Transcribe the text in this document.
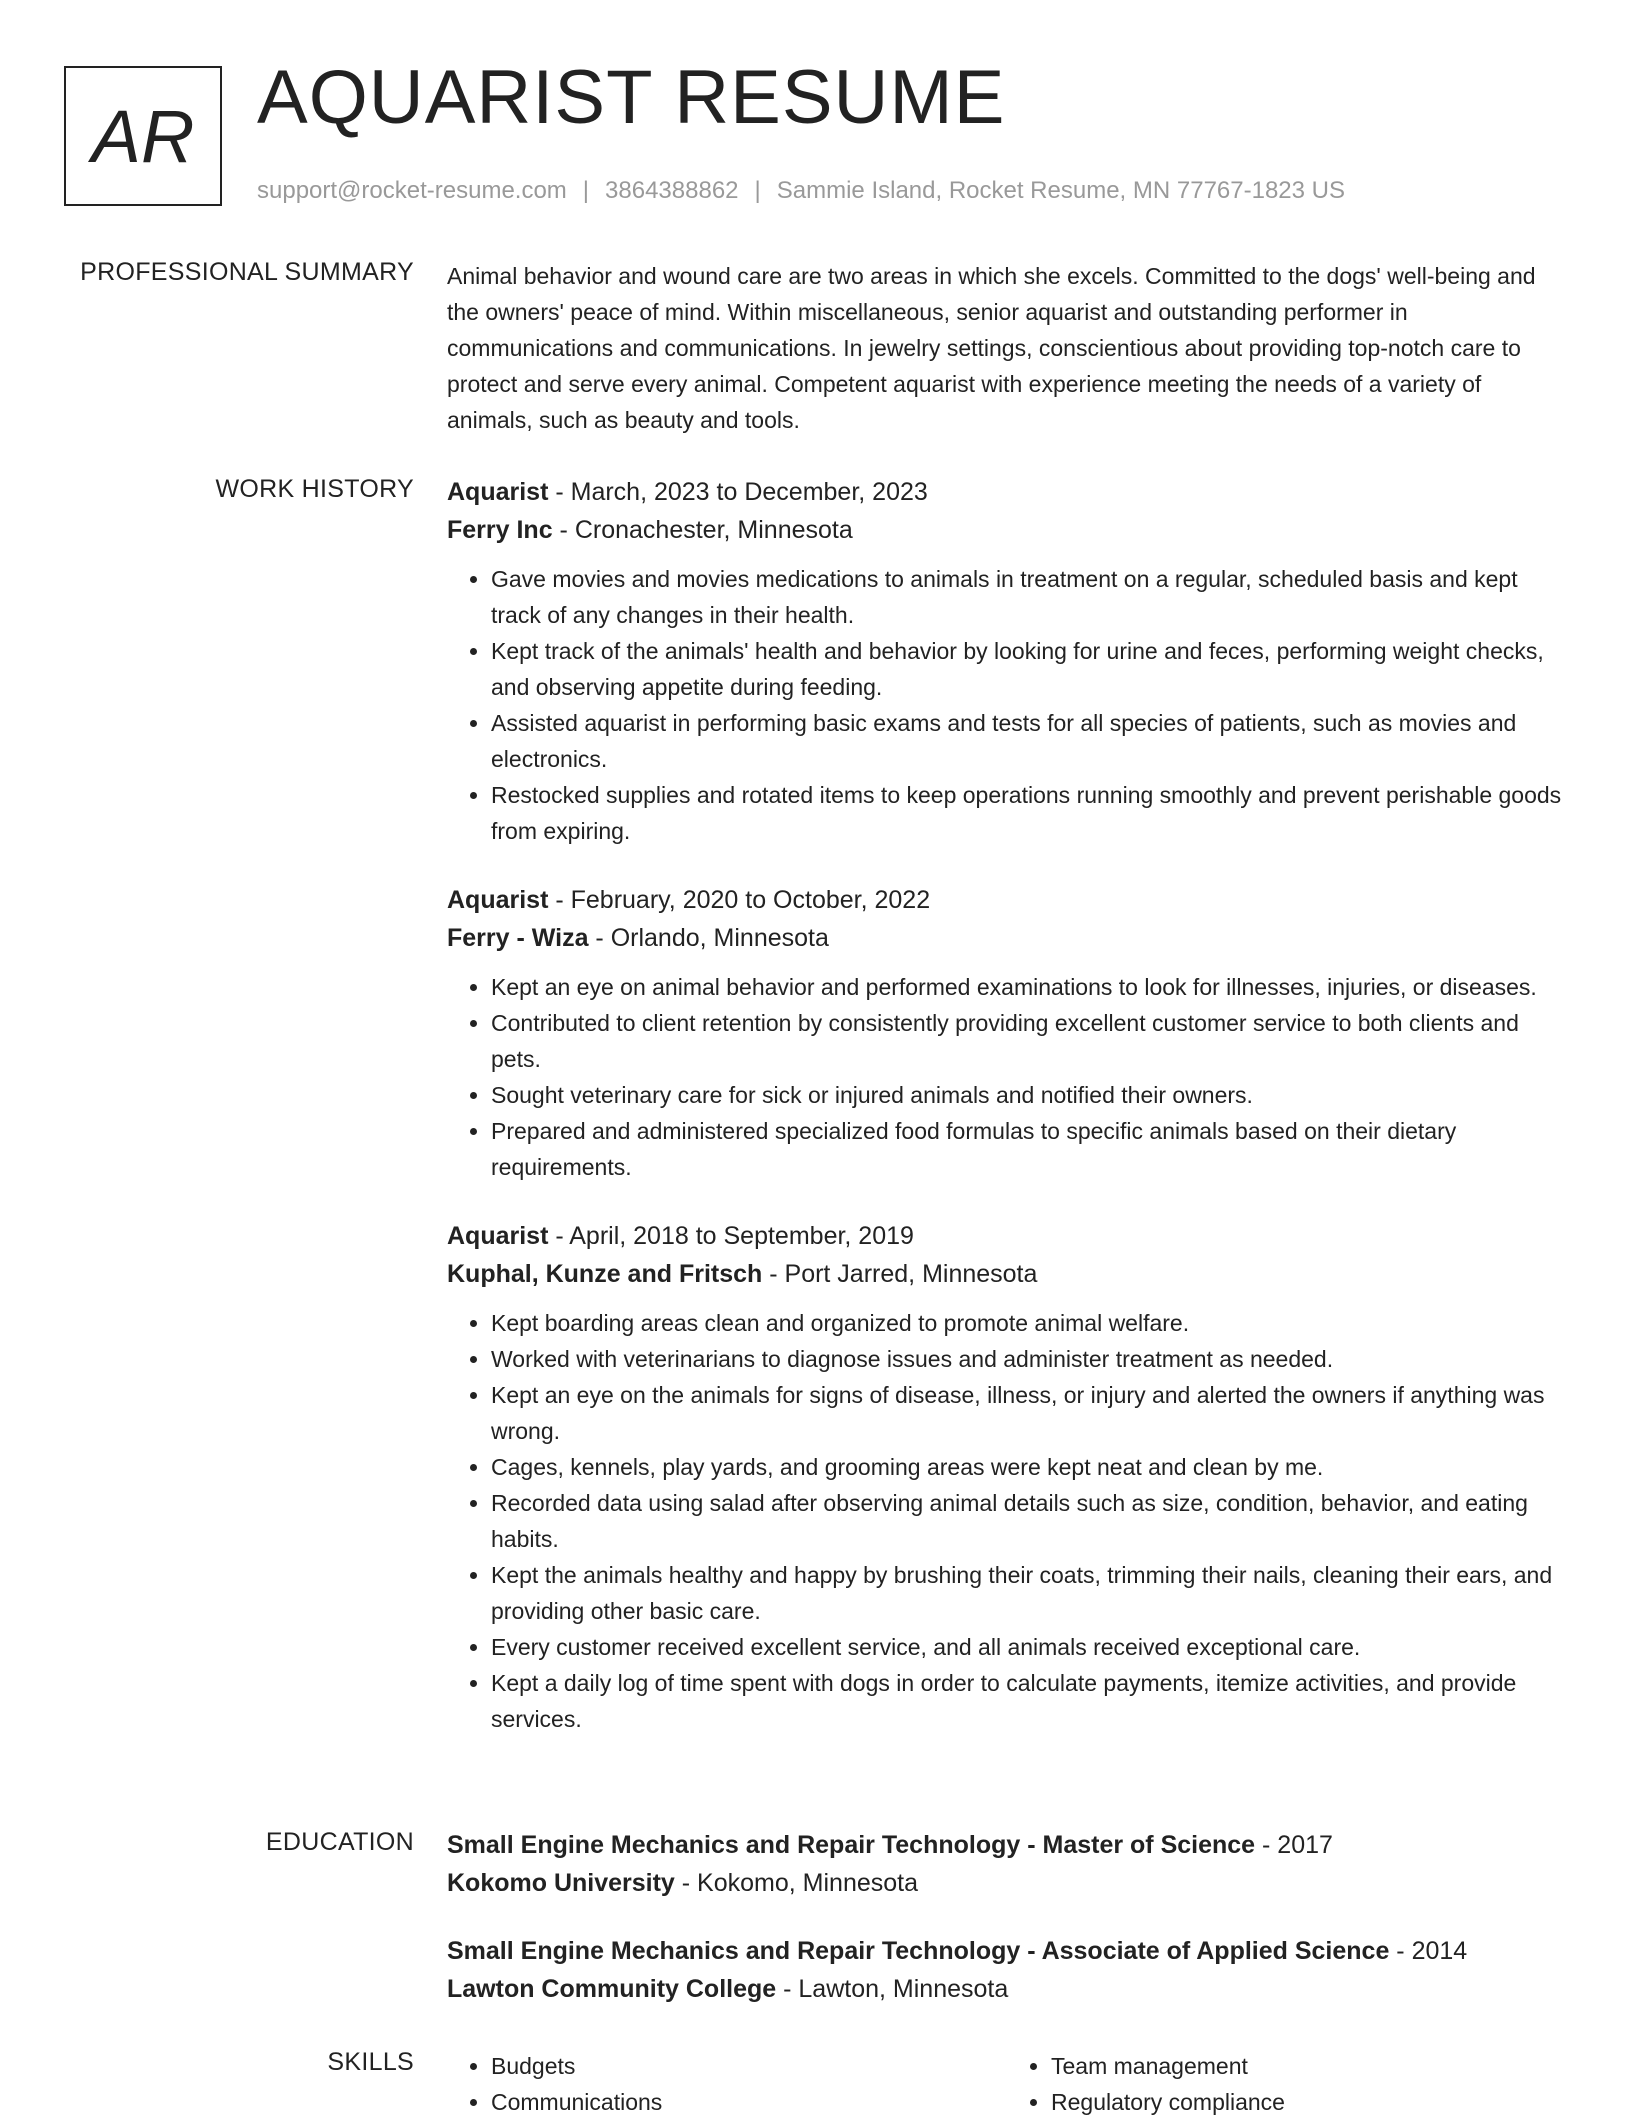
AR AQUARIST RESUME
support@rocket-resume.com | 3864388862 | Sammie Island, Rocket Resume, MN 77767-1823 US
PROFESSIONAL SUMMARY Animal behavior and wound care are two areas in which she excels. Committed to the dogs' well-being and the owners' peace of mind. Within miscellaneous, senior aquarist and outstanding performer in communications and communications. In jewelry settings, conscientious about providing top-notch care to protect and serve every animal. Competent aquarist with experience meeting the needs of a variety of animals, such as beauty and tools.

WORK HISTORY Aquarist - March, 2023 to December, 2023
Ferry Inc - Cronachester, Minnesota
• Gave movies and movies medications to animals in treatment on a regular, scheduled basis and kept track of any changes in their health.
• Kept track of the animals' health and behavior by looking for urine and feces, performing weight checks, and observing appetite during feeding.
• Assisted aquarist in performing basic exams and tests for all species of patients, such as movies and electronics.
• Restocked supplies and rotated items to keep operations running smoothly and prevent perishable goods from expiring.
Aquarist - February, 2020 to October, 2022
Ferry - Wiza - Orlando, Minnesota
• Kept an eye on animal behavior and performed examinations to look for illnesses, injuries, or diseases.
• Contributed to client retention by consistently providing excellent customer service to both clients and pets.
• Sought veterinary care for sick or injured animals and notified their owners.
• Prepared and administered specialized food formulas to specific animals based on their dietary requirements.
Aquarist - April, 2018 to September, 2019
Kuphal, Kunze and Fritsch - Port Jarred, Minnesota
• Kept boarding areas clean and organized to promote animal welfare.
• Worked with veterinarians to diagnose issues and administer treatment as needed.
• Kept an eye on the animals for signs of disease, illness, or injury and alerted the owners if anything was wrong.
• Cages, kennels, play yards, and grooming areas were kept neat and clean by me.
• Recorded data using salad after observing animal details such as size, condition, behavior, and eating habits.
• Kept the animals healthy and happy by brushing their coats, trimming their nails, cleaning their ears, and providing other basic care.
• Every customer received excellent service, and all animals received exceptional care.
• Kept a daily log of time spent with dogs in order to calculate payments, itemize activities, and provide services.
EDUCATION Small Engine Mechanics and Repair Technology - Master of Science - 2017
Kokomo University - Kokomo, Minnesota
Small Engine Mechanics and Repair Technology - Associate of Applied Science - 2014
Lawton Community College - Lawton, Minnesota
SKILLS
•	Budgets
• Communications
• Team management
• Regulatory compliance
